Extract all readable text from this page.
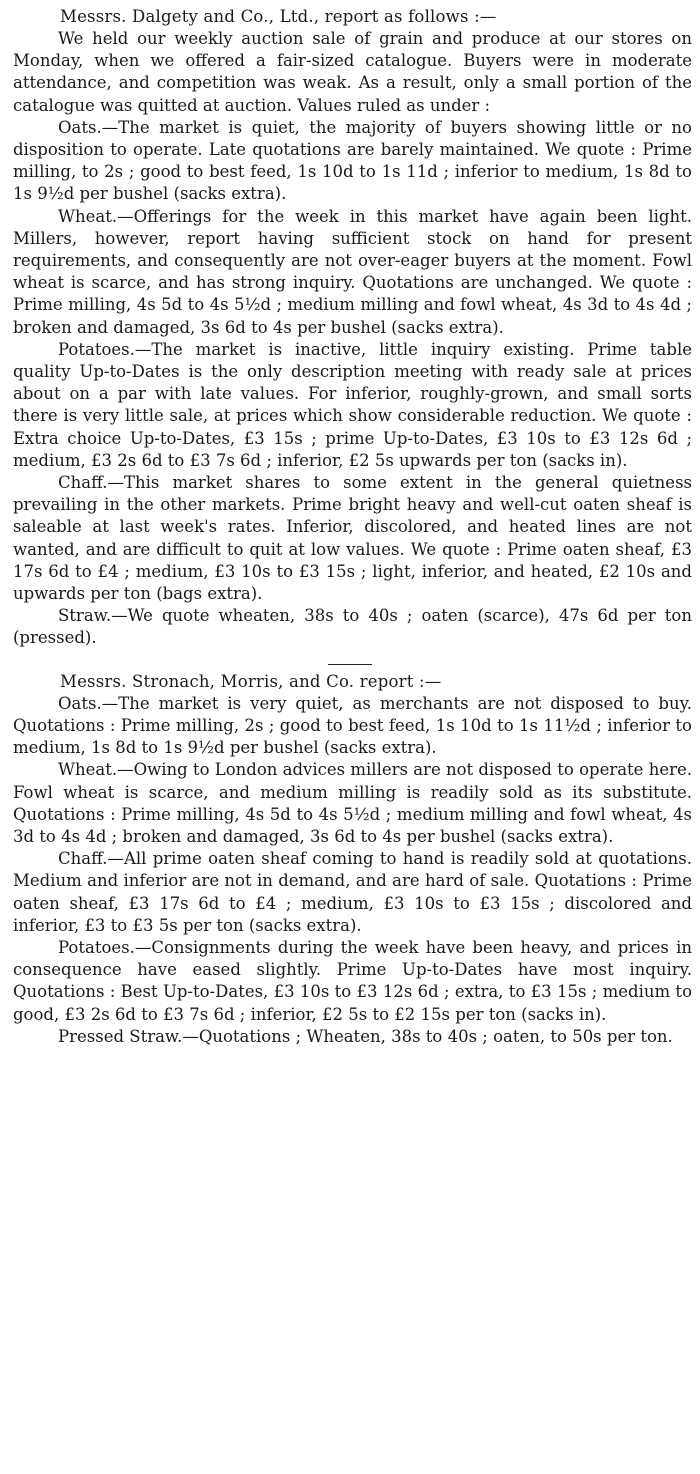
Messrs. Dalgety and Co., Ltd., report as follows :—

We held our weekly auction sale of grain and produce at our stores on Monday, when we offered a fair-sized catalogue. Buyers were in moderate attendance, and competition was weak. As a result, only a small portion of the catalogue was quitted at auction. Values ruled as under :

Oats.—The market is quiet, the majority of buyers showing little or no disposition to operate. Late quotations are barely maintained. We quote : Prime milling, to 2s ; good to best feed, 1s 10d to 1s 11d ; inferior to medium, 1s 8d to 1s 9½d per bushel (sacks extra).

Wheat.—Offerings for the week in this market have again been light. Millers, however, report having sufficient stock on hand for present requirements, and consequently are not over-eager buyers at the moment. Fowl wheat is scarce, and has strong inquiry. Quotations are unchanged. We quote : Prime milling, 4s 5d to 4s 5½d ; medium milling and fowl wheat, 4s 3d to 4s 4d ; broken and damaged, 3s 6d to 4s per bushel (sacks extra).

Potatoes.—The market is inactive, little inquiry existing. Prime table quality Up-to-Dates is the only description meeting with ready sale at prices about on a par with late values. For inferior, roughly-grown, and small sorts there is very little sale, at prices which show considerable reduction. We quote : Extra choice Up-to-Dates, £3 15s ; prime Up-to-Dates, £3 10s to £3 12s 6d ; medium, £3 2s 6d to £3 7s 6d ; inferior, £2 5s upwards per ton (sacks in).

Chaff.—This market shares to some extent in the general quietness prevailing in the other markets. Prime bright heavy and well-cut oaten sheaf is saleable at last week's rates. Inferior, discolored, and heated lines are not wanted, and are difficult to quit at low values. We quote : Prime oaten sheaf, £3 17s 6d to £4 ; medium, £3 10s to £3 15s ; light, inferior, and heated, £2 10s and upwards per ton (bags extra).

Straw.—We quote wheaten, 38s to 40s ; oaten (scarce), 47s 6d per ton (pressed).

Messrs. Stronach, Morris, and Co. report :—

Oats.—The market is very quiet, as merchants are not disposed to buy. Quotations : Prime milling, 2s ; good to best feed, 1s 10d to 1s 11½d ; inferior to medium, 1s 8d to 1s 9½d per bushel (sacks extra).

Wheat.—Owing to London advices millers are not disposed to operate here. Fowl wheat is scarce, and medium milling is readily sold as its substitute. Quotations : Prime milling, 4s 5d to 4s 5½d ; medium milling and fowl wheat, 4s 3d to 4s 4d ; broken and damaged, 3s 6d to 4s per bushel (sacks extra).

Chaff.—All prime oaten sheaf coming to hand is readily sold at quotations. Medium and inferior are not in demand, and are hard of sale. Quotations : Prime oaten sheaf, £3 17s 6d to £4 ; medium, £3 10s to £3 15s ; discolored and inferior, £3 to £3 5s per ton (sacks extra).

Potatoes.—Consignments during the week have been heavy, and prices in consequence have eased slightly. Prime Up-to-Dates have most inquiry. Quotations : Best Up-to-Dates, £3 10s to £3 12s 6d ; extra, to £3 15s ; medium to good, £3 2s 6d to £3 7s 6d ; inferior, £2 5s to £2 15s per ton (sacks in).

Pressed Straw.—Quotations ; Wheaten, 38s to 40s ; oaten, to 50s per ton.
